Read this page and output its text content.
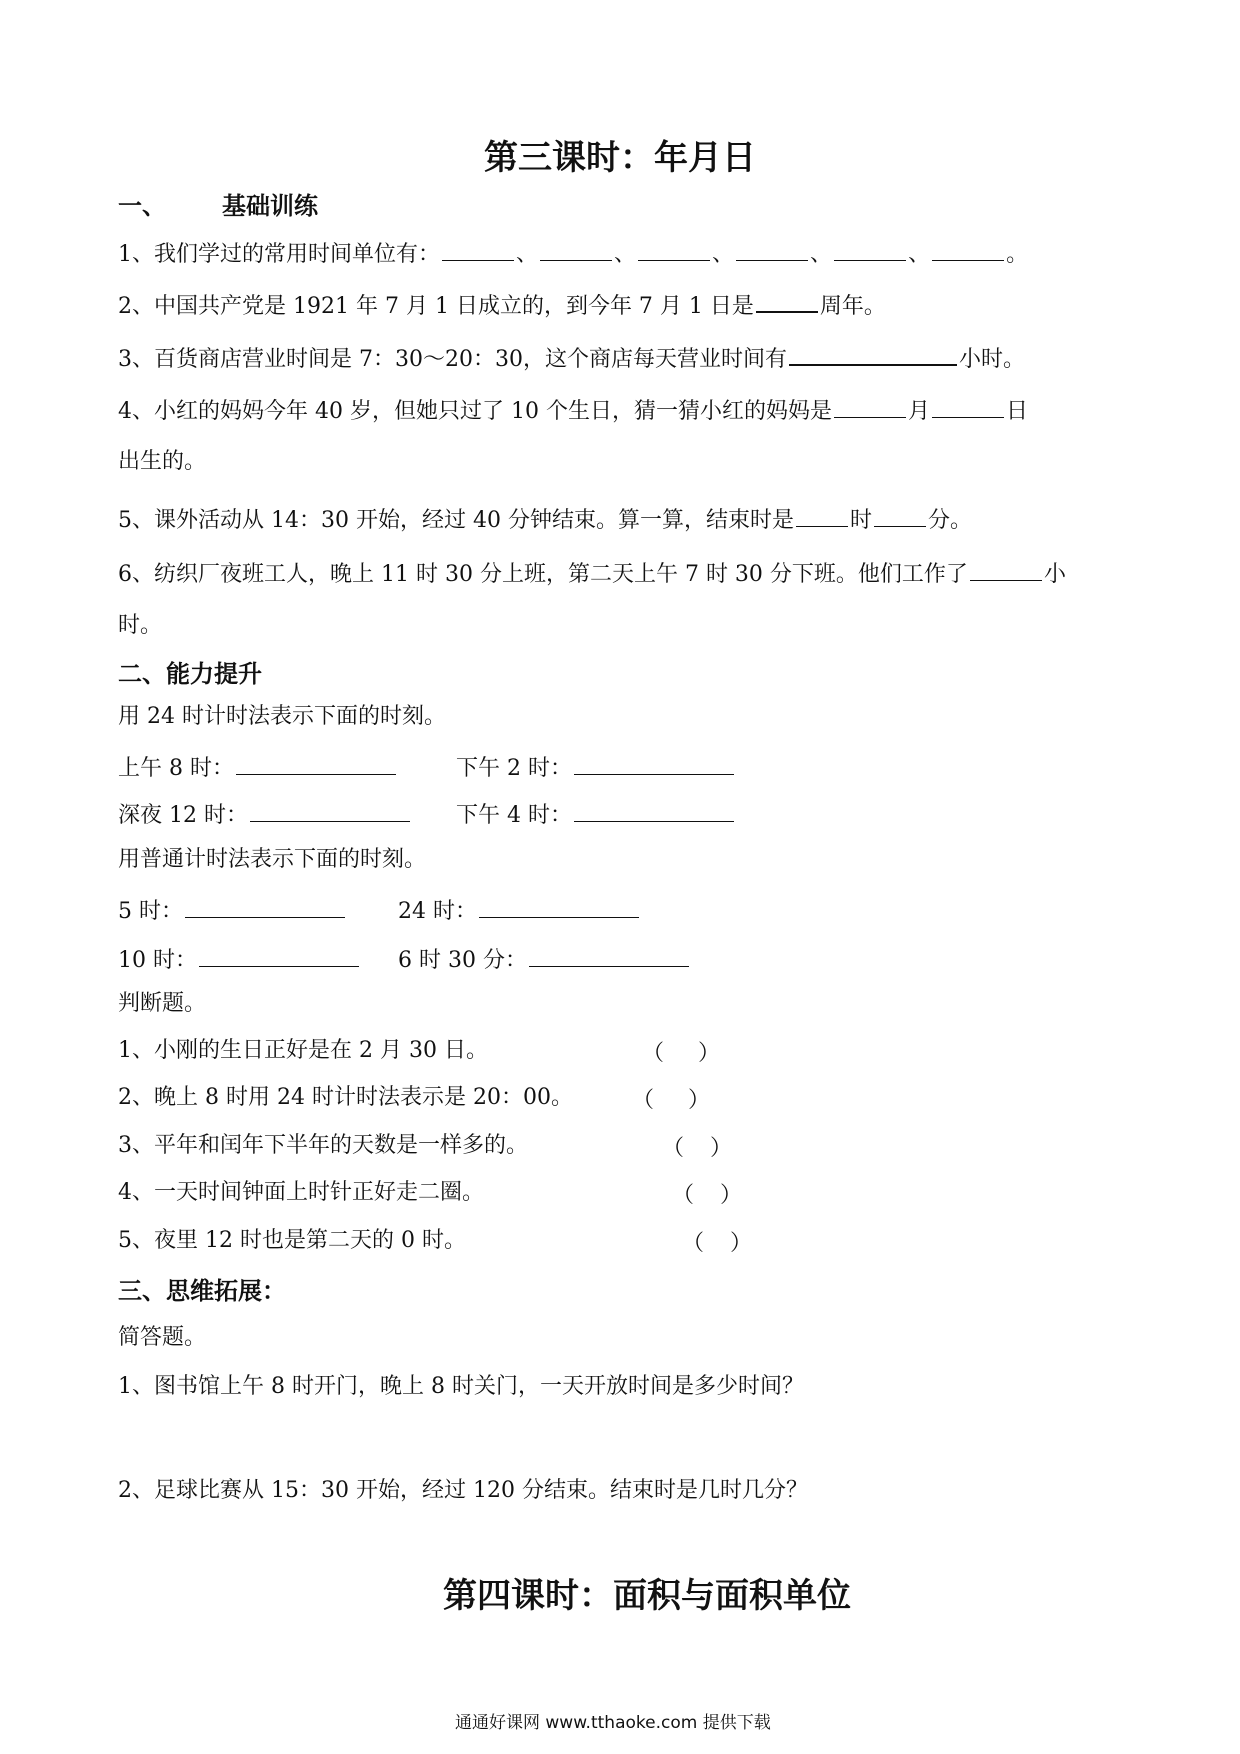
第三课时：年月日
一、 基础训练
1、我们学过的常用时间单位有：	、	、	、	、	、	。
2、中国共产党是 1921 年 7 月 1 日成立的，到今年 7 月 1 日是	周年。
3、百货商店营业时间是 7：30～20：30，这个商店每天营业时间有	小时。
4、小红的妈妈今年 40 岁，但她只过了 10 个生日，猜一猜小红的妈妈是	月	日
出生的。
5、课外活动从 14：30 开始，经过 40 分钟结束。算一算，结束时是	时	分。
6、纺织厂夜班工人，晚上 11 时 30 分上班，第二天上午 7 时 30 分下班。他们工作了	小
时。
二、能力提升
用 24 时计时法表示下面的时刻。
上午 8 时：	下午 2 时：
深夜 12 时：	下午 4 时：
用普通计时法表示下面的时刻。
5 时：	24 时：
10 时：	6 时 30 分：
判断题。
1、小刚的生日正好是在 2 月 30 日。	（ ）
2、晚上 8 时用 24 时计时法表示是 20：00。	（ ）
3、平年和闰年下半年的天数是一样多的。	（ ）
4、一天时间钟面上时针正好走二圈。	（ ）
5、夜里 12 时也是第二天的 0 时。	（ ）
三、思维拓展：
简答题。
1、图书馆上午 8 时开门，晚上 8 时关门，一天开放时间是多少时间？
2、足球比赛从 15：30 开始，经过 120 分结束。结束时是几时几分？
第四课时：面积与面积单位
通通好课网 www.tthaoke.com 提供下载
